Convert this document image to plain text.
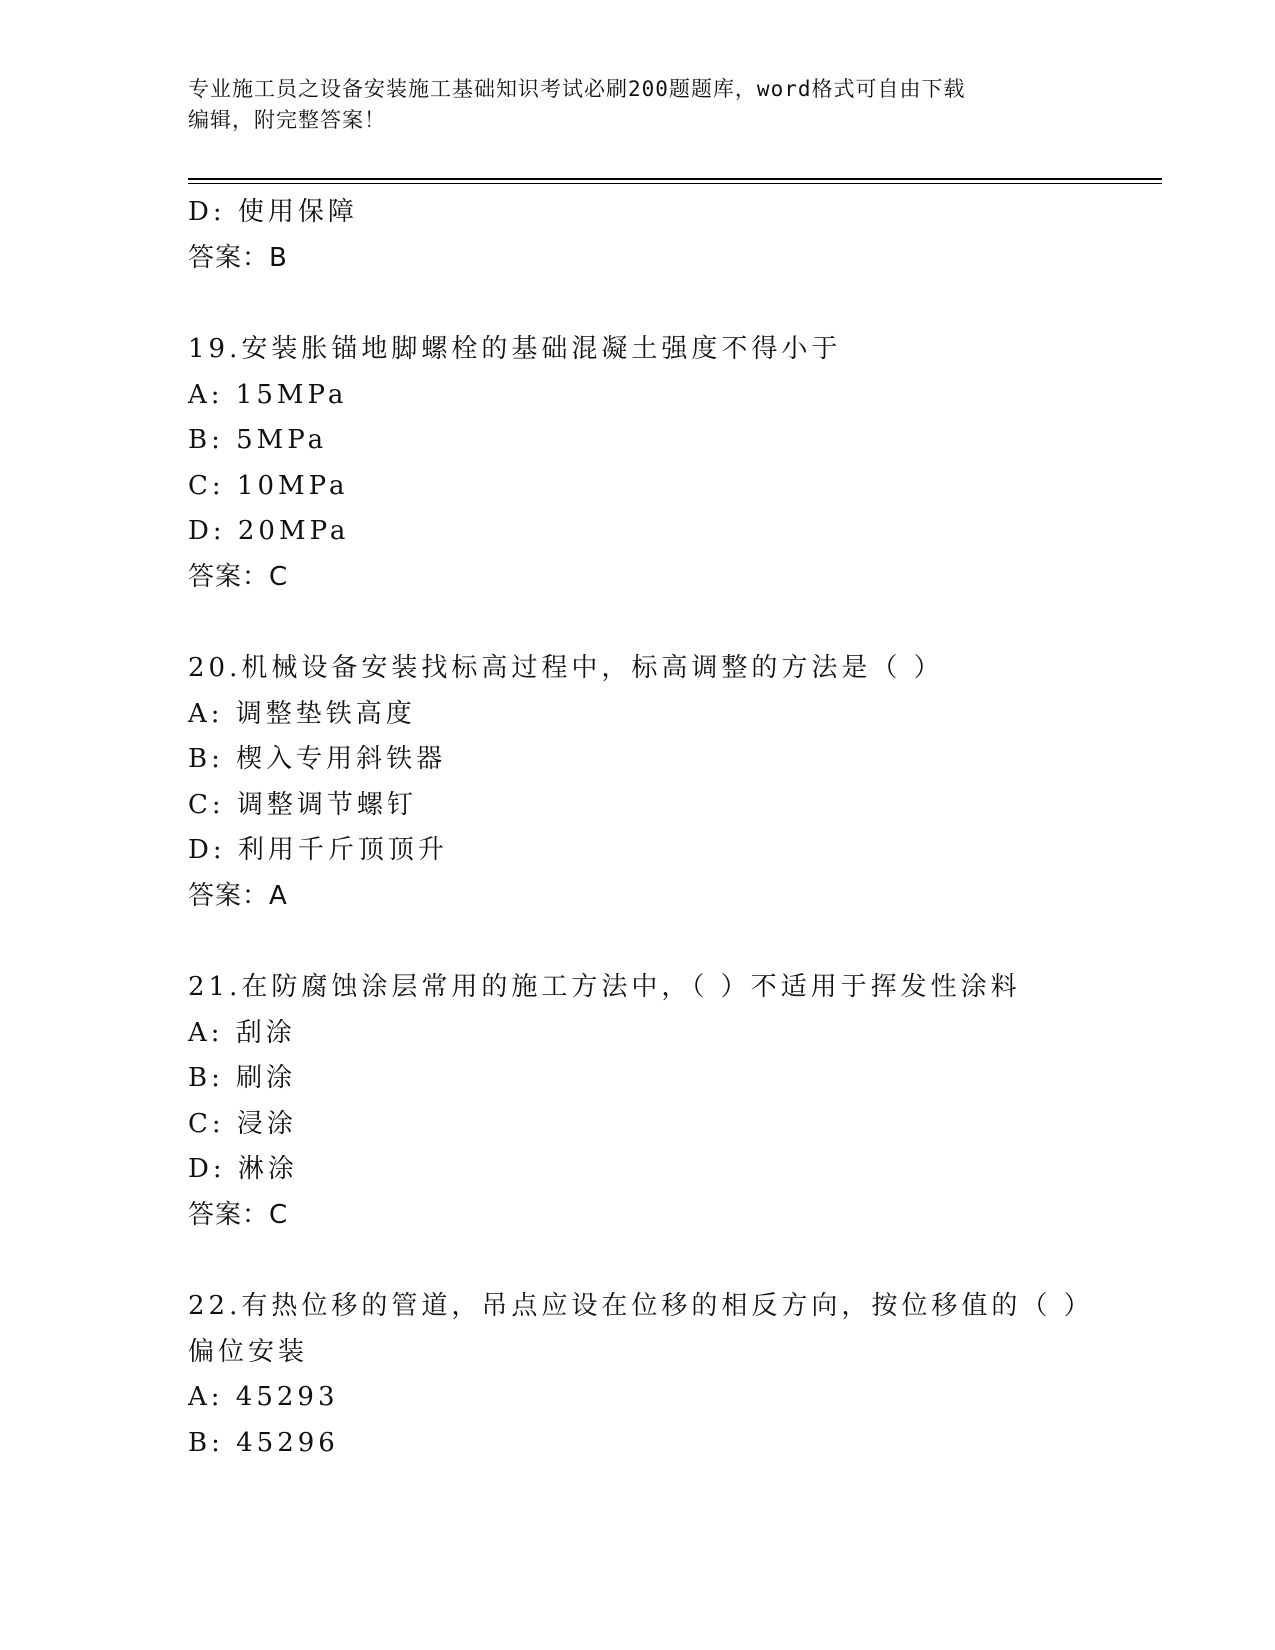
专业施工员之设备安装施工基础知识考试必刷200题题库，word格式可自由下载
编辑，附完整答案！
D: 使用保障
答案：B
19.安装胀锚地脚螺栓的基础混凝土强度不得小于
A: 15MPa
B: 5MPa
C: 10MPa
D: 20MPa
答案：C
20.机械设备安装找标高过程中，标高调整的方法是（ ）
A: 调整垫铁高度
B: 楔入专用斜铁器
C: 调整调节螺钉
D: 利用千斤顶顶升
答案：A
21.在防腐蚀涂层常用的施工方法中，（ ）不适用于挥发性涂料
A: 刮涂
B: 刷涂
C: 浸涂
D: 淋涂
答案：C
22.有热位移的管道，吊点应设在位移的相反方向，按位移值的（ ）
偏位安装
A: 45293
B: 45296
